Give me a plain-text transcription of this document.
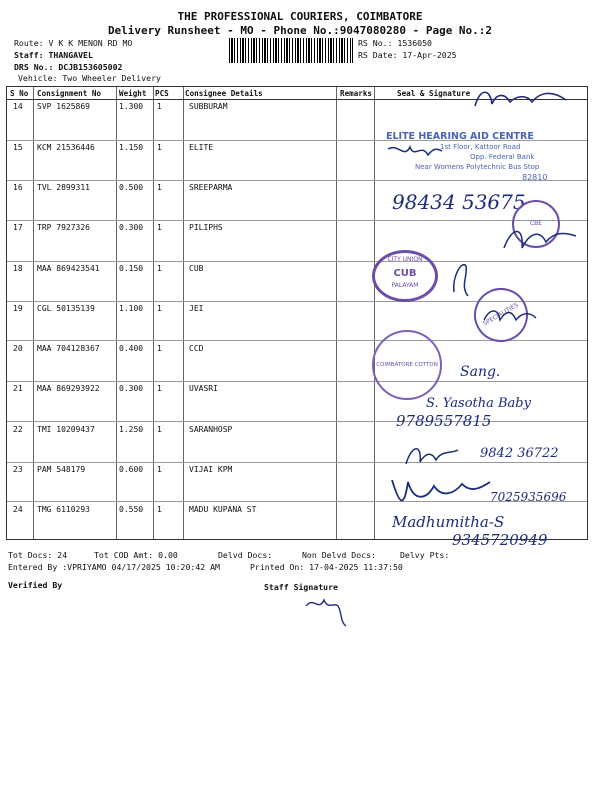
THE PROFESSIONAL COURIERS, COIMBATORE
Delivery Runsheet - MO - Phone No.:9047080280 - Page No.:2
Route: V K K MENON RD MO
Staff: THANGAVEL
DRS No.: DCJB153605002
Vehicle: Two Wheeler Delivery
RS No.: 1536050
RS Date: 17-Apr-2025
S No Consignment No Weight PCS Consignee Details	Remarks	Seal & Signature
14 SVP 1625869	1.300 1	SUBBURAM
15 KCM 21536446	1.150 1	ELITE
16 TVL 2899311	0.500 1	SREEPARMA
17 TRP 7927326	0.300 1	PILIPHS
18 MAA 869423541 0.150 1	CUB
19 CGL 50135139	1.100 1	JEI
20 MAA 704128367 0.400 1	CCD
21 MAA 869293922 0.300 1	UVASRI
22 TMI 10209437	1.250 1	SARANHOSP
23 PAM 548179	0.600 1	VIJAI KPM
24 TMG 6110293	0.550 1	MADU KUPANA ST
ELITE HEARING AID CENTRE
1st Floor, Kattoor Road
Opp. Federal Bank
Near Womens Polytechnic Bus Stop
82810
98434 53675
CBE
CITY UNION
CUB
PALAYAM
SPECIALITIES
COIMBATORE COTTON Sang.
S. Yasotha Baby
9789557815
9842 36722
7025935696
Madhumitha-S
9345720949
Tot Docs: 24	Tot COD Amt: 0.00	Delvd Docs:	Non Delvd Docs:	Delvy Pts:
Entered By :VPRIYAMO 04/17/2025 10:20:42 AM	Printed On: 17-04-2025 11:37:50
Verified By	Staff Signature
